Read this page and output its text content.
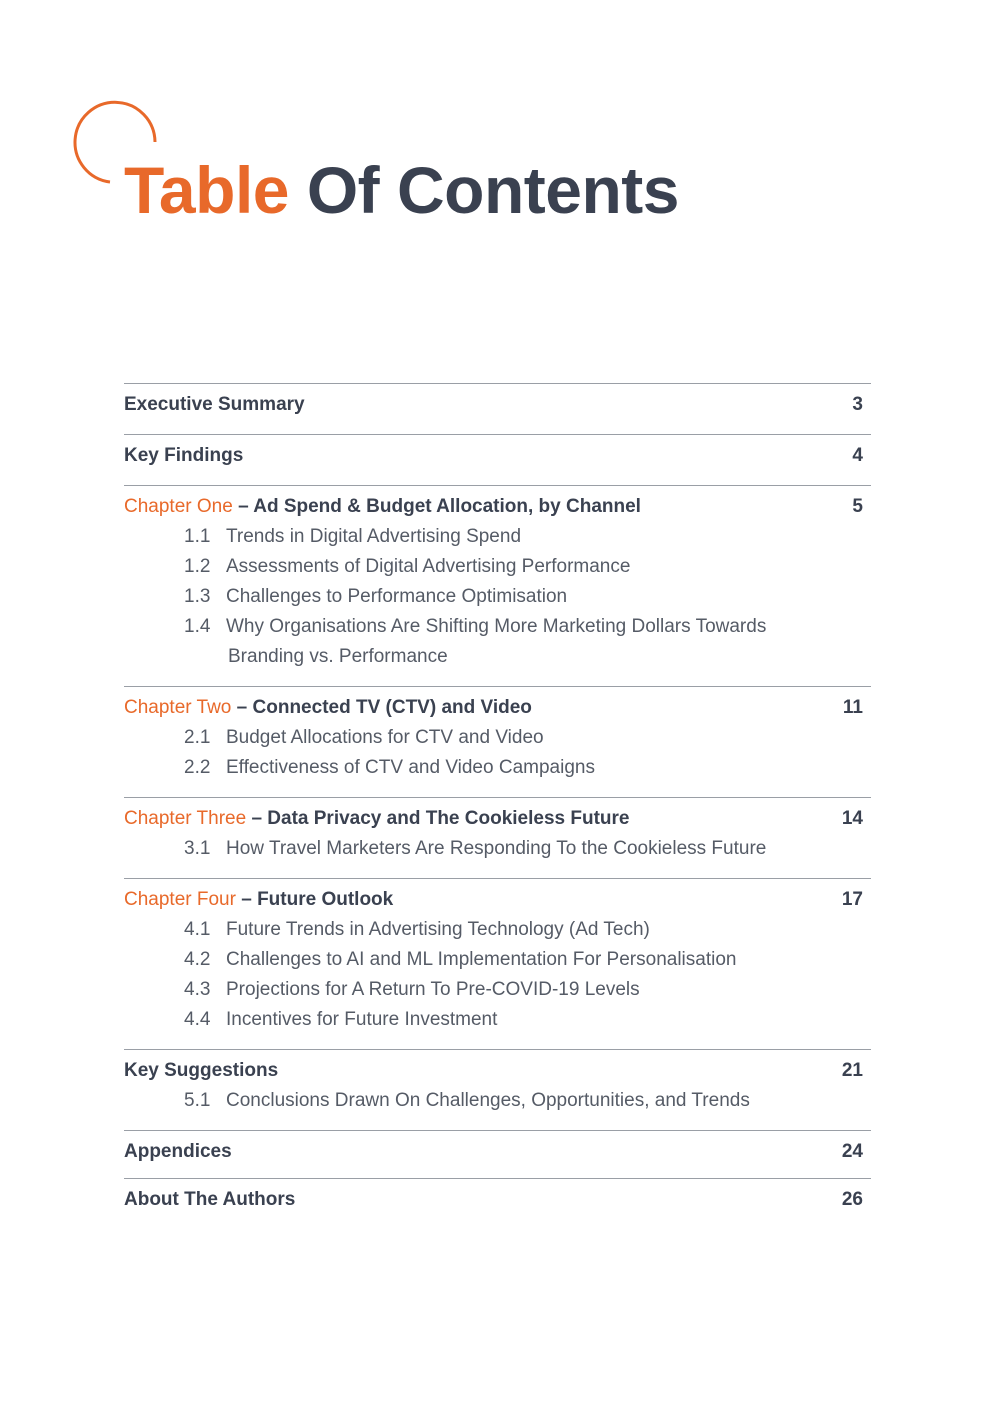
Table Of Contents
Executive Summary	3
Key Findings	4
Chapter One – Ad Spend & Budget Allocation, by Channel	5
1.1 Trends in Digital Advertising Spend
1.2 Assessments of Digital Advertising Performance
1.3 Challenges to Performance Optimisation
1.4 Why Organisations Are Shifting More Marketing Dollars Towards
Branding vs. Performance
Chapter Two – Connected TV (CTV) and Video	11
2.1 Budget Allocations for CTV and Video
2.2 Effectiveness of CTV and Video Campaigns
Chapter Three – Data Privacy and The Cookieless Future	14
3.1 How Travel Marketers Are Responding To the Cookieless Future
Chapter Four – Future Outlook	17
4.1 Future Trends in Advertising Technology (Ad Tech)
4.2 Challenges to AI and ML Implementation For Personalisation
4.3 Projections for A Return To Pre-COVID-19 Levels
4.4 Incentives for Future Investment
Key Suggestions	21
5.1 Conclusions Drawn On Challenges, Opportunities, and Trends
Appendices	24
About The Authors	26
